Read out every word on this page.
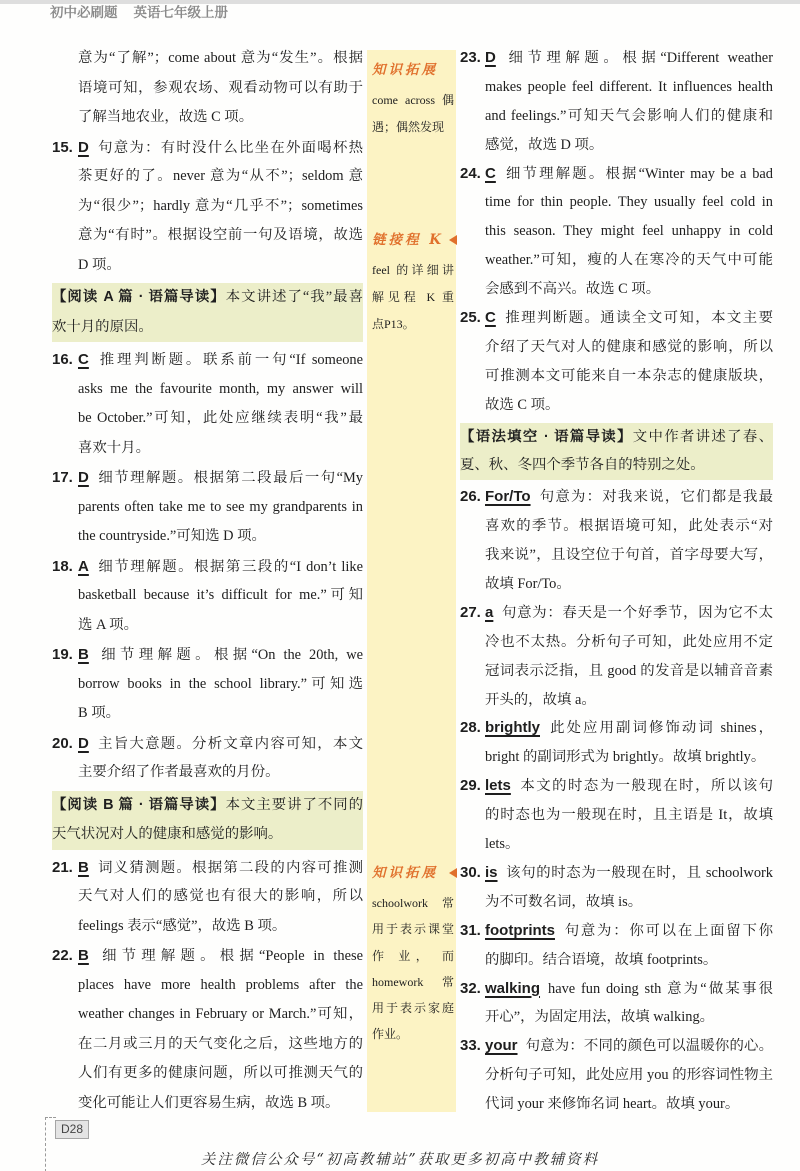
初中必刷题 英语七年级上册
意为“了解”；come about 意为“发生”。根据
语境可知，参观农场、观看动物可以有助于
了解当地农业，故选 C 项。
15. D 句意为：有时没什么比坐在外面喝杯热
茶更好的了。never 意为“从不”；seldom 意
为“很少”；hardly 意为“几乎不”；sometimes
意为“有时”。根据设空前一句及语境，故选
D 项。
【阅读 A 篇 · 语篇导读】本文讲述了“我”最喜
欢十月的原因。
16. C 推理判断题。联系前一句“If someone
asks me the favourite month, my answer will
be October.”可知，此处应继续表明“我”最
喜欢十月。
17. D 细节理解题。根据第二段最后一句“My
parents often take me to see my grandparents in
the countryside.”可知选 D 项。
18. A 细节理解题。根据第三段的“I don’t like
basketball because it’s difficult for me.”可知
选 A 项。
19. B 细节理解题。根据“On the 20th, we
borrow books in the school library.”可知选
B 项。
20. D 主旨大意题。分析文章内容可知，本文
主要介绍了作者最喜欢的月份。
【阅读 B 篇 · 语篇导读】本文主要讲了不同的
天气状况对人的健康和感觉的影响。
21. B 词义猜测题。根据第二段的内容可推测
天气对人们的感觉也有很大的影响，所以
feelings 表示“感觉”，故选 B 项。
22. B 细节理解题。根据“People in these
places have more health problems after the
weather changes in February or March.”可知，
在二月或三月的天气变化之后，这些地方的
人们有更多的健康问题，所以可推测天气的
变化可能让人们更容易生病，故选 B 项。
知识拓展
come across 偶
遇；偶然发现
链接程 K
feel 的详细讲
解见程 K 重
点P13。
知识拓展
schoolwork 常
用于表示课堂
作 业， 而
homework 常
用于表示家庭
作业。
23. D 细节理解题。根据“Different weather
makes people feel different. It influences health
and feelings.”可知天气会影响人们的健康和
感觉，故选 D 项。
24. C 细节理解题。根据“Winter may be a bad
time for thin people. They usually feel cold in
this season. They might feel unhappy in cold
weather.”可知，瘦的人在寒冷的天气中可能
会感到不高兴。故选 C 项。
25. C 推理判断题。通读全文可知，本文主要
介绍了天气对人的健康和感觉的影响，所以
可推测本文可能来自一本杂志的健康版块，
故选 C 项。
【语法填空 · 语篇导读】文中作者讲述了春、
夏、秋、冬四个季节各自的特别之处。
26. For/To 句意为：对我来说，它们都是我最
喜欢的季节。根据语境可知，此处表示“对
我来说”，且设空位于句首，首字母要大写，
故填 For/To。
27. a 句意为：春天是一个好季节，因为它不太
冷也不太热。分析句子可知，此处应用不定
冠词表示泛指，且 good 的发音是以辅音音素
开头的，故填 a。
28. brightly 此处应用副词修饰动词 shines，
bright 的副词形式为 brightly。故填 brightly。
29. lets 本文的时态为一般现在时，所以该句
的时态也为一般现在时，且主语是 It，故填
lets。
30. is 该句的时态为一般现在时，且 schoolwork
为不可数名词，故填 is。
31. footprints 句意为：你可以在上面留下你
的脚印。结合语境，故填 footprints。
32. walking have fun doing sth 意为“做某事很
开心”，为固定用法，故填 walking。
33. your 句意为：不同的颜色可以温暖你的心。
分析句子可知，此处应用 you 的形容词性物主
代词 your 来修饰名词 heart。故填 your。
D28
关注微信公众号“初高教辅站”获取更多初高中教辅资料
